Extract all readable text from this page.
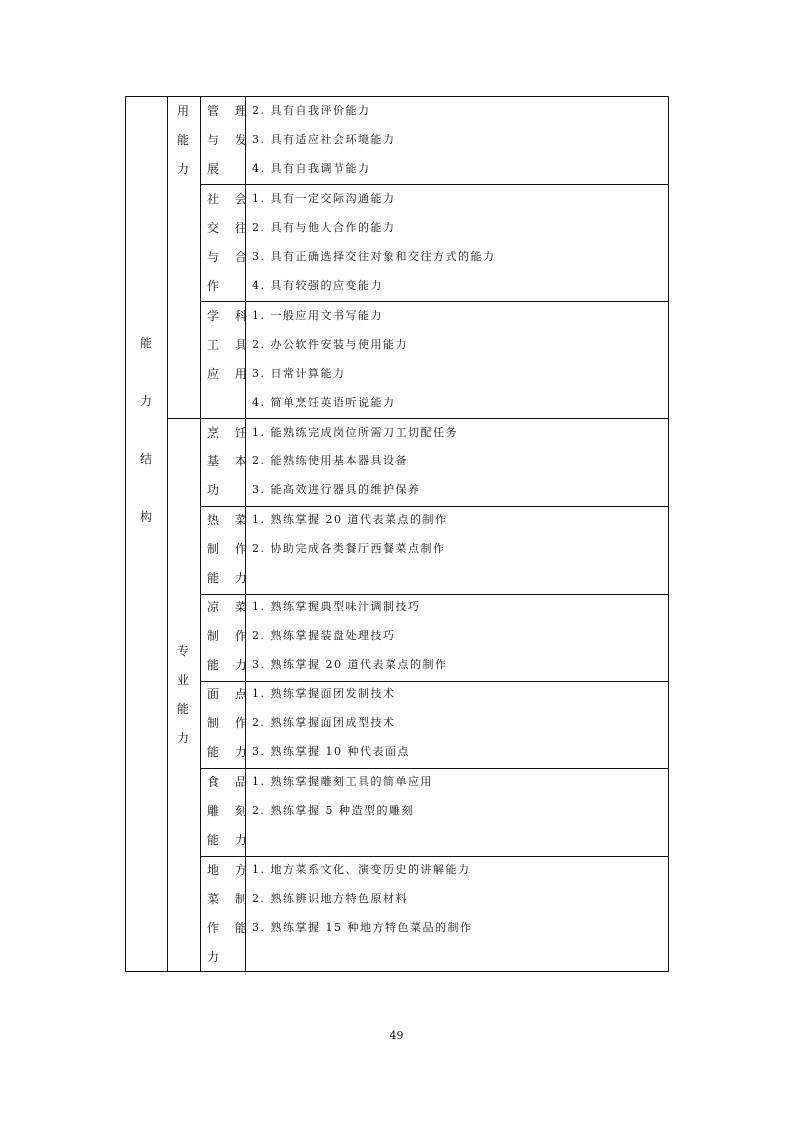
能
力
结
构
用
能
力
专
业
能
力
管 理
与 发
展
2. 具有自我评价能力
3. 具有适应社会环境能力
4. 具有自我调节能力
社 会
交 往
与 合
作
1. 具有一定交际沟通能力
2. 具有与他人合作的能力
3. 具有正确选择交往对象和交往方式的能力
4. 具有较强的应变能力
学 科
工 具
应 用
1. 一般应用文书写能力
2. 办公软件安装与使用能力
3. 日常计算能力
4. 简单烹饪英语听说能力
烹 饪
基 本
功
1. 能熟练完成岗位所需刀工切配任务
2. 能熟练使用基本器具设备
3. 能高效进行器具的维护保养
热 菜
制 作
能 力
1. 熟练掌握 20 道代表菜点的制作
2. 协助完成各类餐厅西餐菜点制作
凉 菜
制 作
能 力
1. 熟练掌握典型味汁调制技巧
2. 熟练掌握装盘处理技巧
3. 熟练掌握 20 道代表菜点的制作
面 点
制 作
能 力
1. 熟练掌握面团发制技术
2. 熟练掌握面团成型技术
3. 熟练掌握 10 种代表面点
食 品
雕 刻
能 力
1. 熟练掌握雕刻工具的简单应用
2. 熟练掌握 5 种造型的雕刻
地 方
菜 制
作 能
力
1. 地方菜系文化、演变历史的讲解能力
2. 熟练辨识地方特色原材料
3. 熟练掌握 15 种地方特色菜品的制作
49
